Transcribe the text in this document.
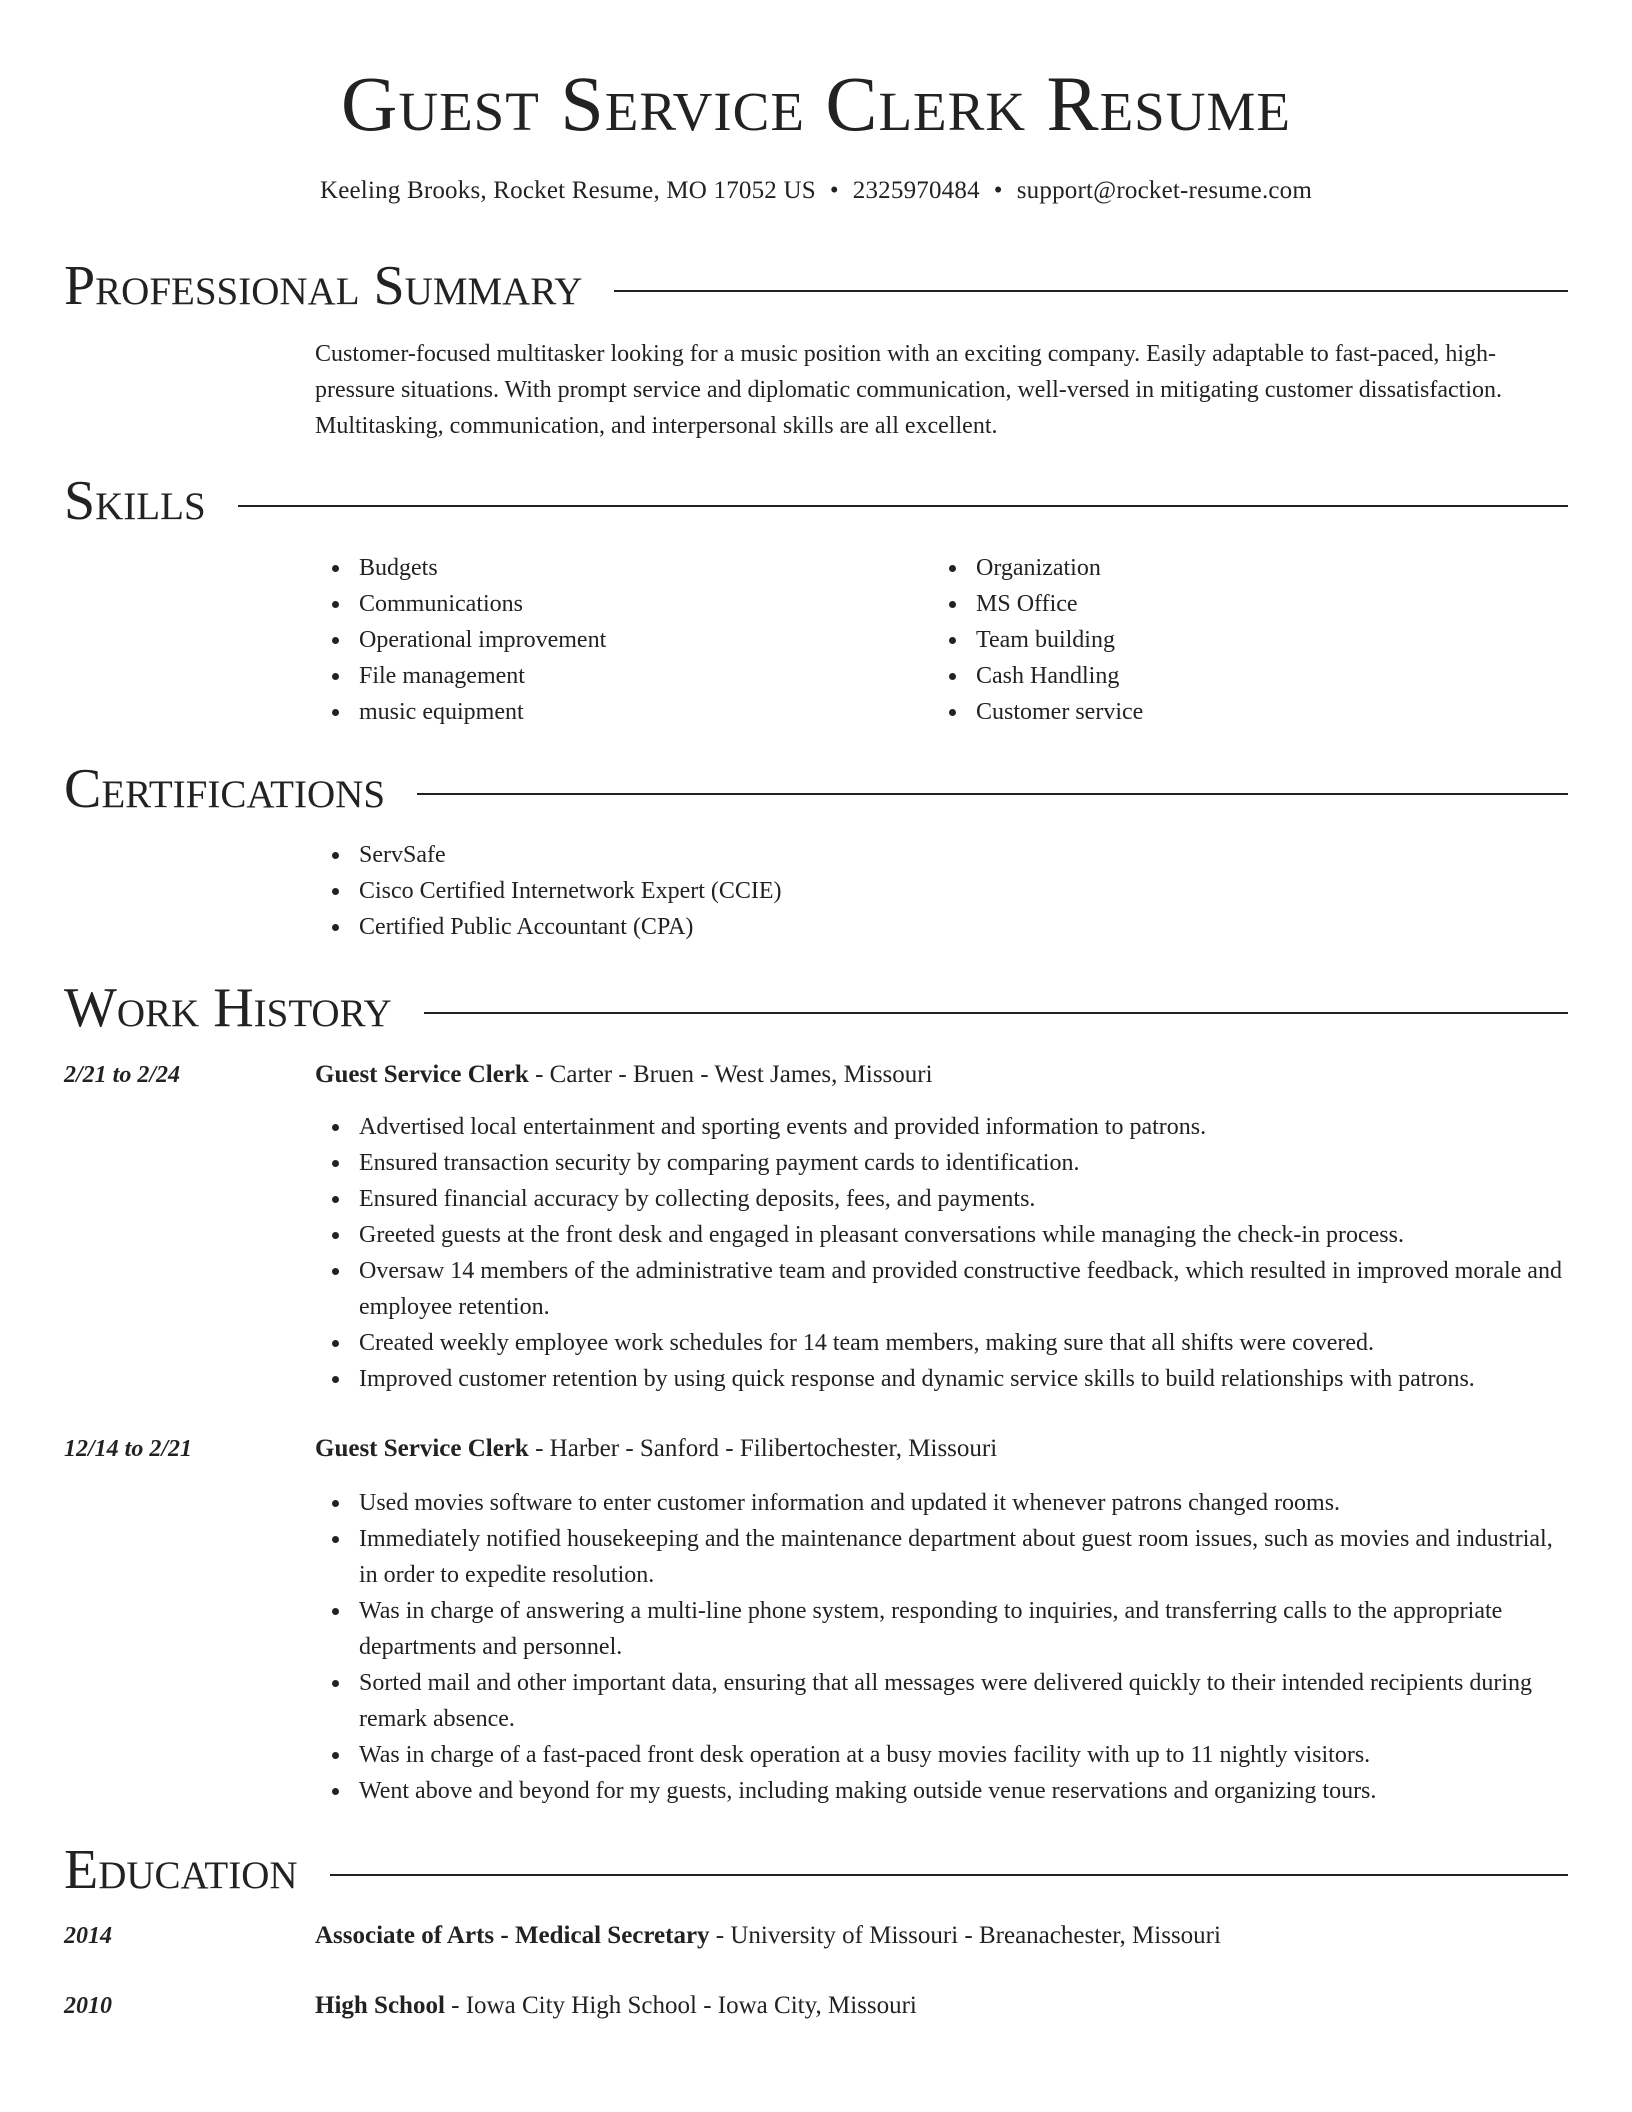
Guest Service Clerk Resume
Keeling Brooks, Rocket Resume, MO 17052 US • 2325970484 • support@rocket-resume.com
Professional Summary

Customer-focused multitasker looking for a music position with an exciting company. Easily adaptable to fast-paced, high-pressure situations. With prompt service and diplomatic communication, well-versed in mitigating customer dissatisfaction. Multitasking, communication, and interpersonal skills are all excellent.

Skills
Budgets
Communications
Operational improvement
File management
music equipment
Organization
MS Office
Team building
Cash Handling
Customer service
Certifications
ServSafe
Cisco Certified Internetwork Expert (CCIE)
Certified Public Accountant (CPA)
Work History
2/21 to 2/24	Guest Service Clerk - Carter - Bruen - West James, Missouri
Advertised local entertainment and sporting events and provided information to patrons.
Ensured transaction security by comparing payment cards to identification.
Ensured financial accuracy by collecting deposits, fees, and payments.
Greeted guests at the front desk and engaged in pleasant conversations while managing the check-in process.
Oversaw 14 members of the administrative team and provided constructive feedback, which resulted in improved morale and employee retention.
Created weekly employee work schedules for 14 team members, making sure that all shifts were covered.
Improved customer retention by using quick response and dynamic service skills to build relationships with patrons.
12/14 to 2/21	Guest Service Clerk - Harber - Sanford - Filibertochester, Missouri
Used movies software to enter customer information and updated it whenever patrons changed rooms.
Immediately notified housekeeping and the maintenance department about guest room issues, such as movies and industrial, in order to expedite resolution.
Was in charge of answering a multi-line phone system, responding to inquiries, and transferring calls to the appropriate departments and personnel.
Sorted mail and other important data, ensuring that all messages were delivered quickly to their intended recipients during remark absence.
Was in charge of a fast-paced front desk operation at a busy movies facility with up to 11 nightly visitors.
Went above and beyond for my guests, including making outside venue reservations and organizing tours.
Education
2014	Associate of Arts - Medical Secretary - University of Missouri - Breanachester, Missouri
2010	High School - Iowa City High School - Iowa City, Missouri
